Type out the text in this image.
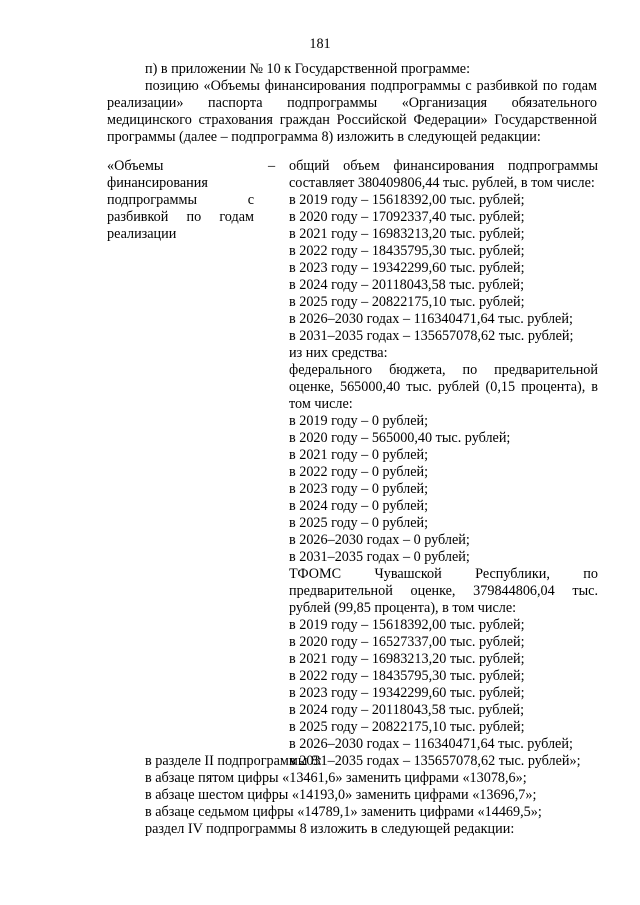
181

п) в приложении № 10 к Государственной программе:

позицию «Объемы финансирования подпрограммы с разбивкой по годам реализации» паспорта подпрограммы «Организация обязательного медицинского страхования граждан Российской Федерации» Государственной программы (далее – подпрограмма 8) изложить в следующей редакции:

«Объемы финансирования подпрограммы с разбивкой по годам реализации
– общий объем финансирования подпрограммы составляет 380409806,44 тыс. рублей, в том числе:
в 2019 году – 15618392,00 тыс. рублей;
в 2020 году – 17092337,40 тыс. рублей;
в 2021 году – 16983213,20 тыс. рублей;
в 2022 году – 18435795,30 тыс. рублей;
в 2023 году – 19342299,60 тыс. рублей;
в 2024 году – 20118043,58 тыс. рублей;
в 2025 году – 20822175,10 тыс. рублей;
в 2026–2030 годах – 116340471,64 тыс. рублей;
в 2031–2035 годах – 135657078,62 тыс. рублей;
из них средства:
федерального бюджета, по предварительной оценке, 565000,40 тыс. рублей (0,15 процента), в том числе:
в 2019 году – 0 рублей;
в 2020 году – 565000,40 тыс. рублей;
в 2021 году – 0 рублей;
в 2022 году – 0 рублей;
в 2023 году – 0 рублей;
в 2024 году – 0 рублей;
в 2025 году – 0 рублей;
в 2026–2030 годах – 0 рублей;
в 2031–2035 годах – 0 рублей;
ТФОМС Чувашской Республики, по предварительной оценке, 379844806,04 тыс. рублей (99,85 процента), в том числе:
в 2019 году – 15618392,00 тыс. рублей;
в 2020 году – 16527337,00 тыс. рублей;
в 2021 году – 16983213,20 тыс. рублей;
в 2022 году – 18435795,30 тыс. рублей;
в 2023 году – 19342299,60 тыс. рублей;
в 2024 году – 20118043,58 тыс. рублей;
в 2025 году – 20822175,10 тыс. рублей;
в 2026–2030 годах – 116340471,64 тыс. рублей;
в 2031–2035 годах – 135657078,62 тыс. рублей»;
в разделе II подпрограммы 8:
в абзаце пятом цифры «13461,6» заменить цифрами «13078,6»;
в абзаце шестом цифры «14193,0» заменить цифрами «13696,7»;
в абзаце седьмом цифры «14789,1» заменить цифрами «14469,5»;
раздел IV подпрограммы 8 изложить в следующей редакции:
